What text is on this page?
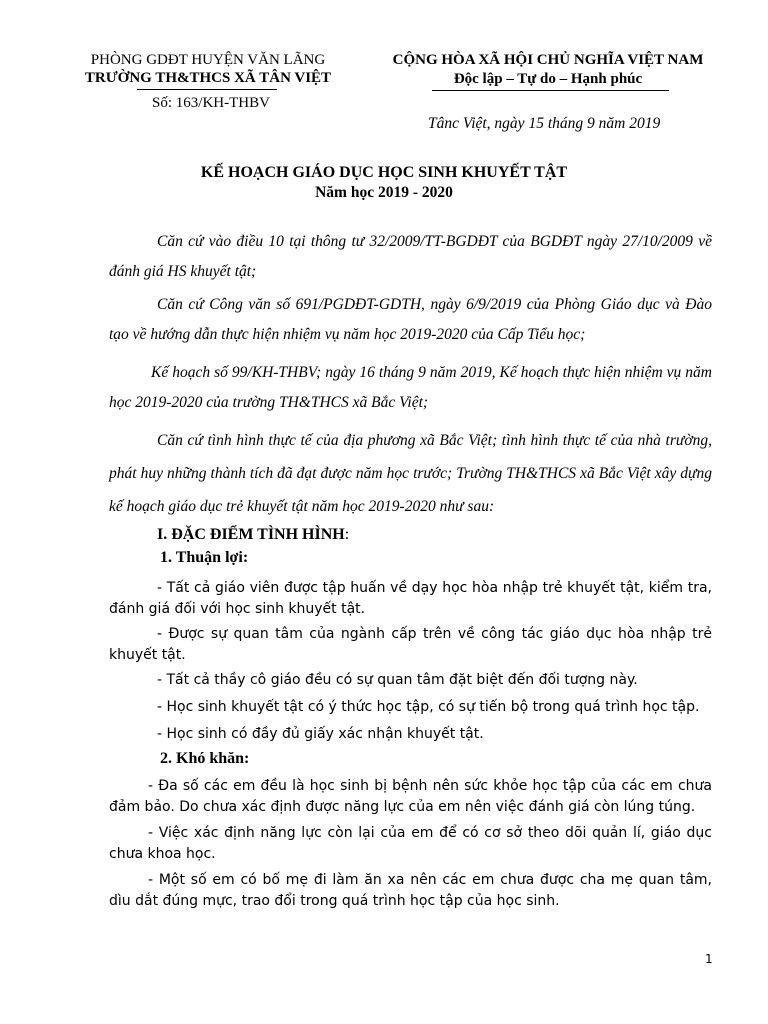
PHÒNG GDĐT HUYỆN VĂN LÃNG
TRƯỜNG TH&THCS XÃ TÂN VIỆT
Số: 163/KH-THBV
CỘNG HÒA XÃ HỘI CHỦ NGHĨA VIỆT NAM
Độc lập – Tự do – Hạnh phúc
Tânc Việt, ngày 15 tháng 9 năm 2019
KẾ HOẠCH GIÁO DỤC HỌC SINH KHUYẾT TẬT
Năm học 2019 - 2020
Căn cứ vào điều 10 tại thông tư 32/2009/TT-BGDĐT của BGDĐT ngày 27/10/2009 về đánh giá HS khuyết tật;
Căn cứ Công văn số 691/PGDĐT-GDTH, ngày 6/9/2019 của Phòng Giáo dục và Đào tạo về hướng dẫn thực hiện nhiệm vụ năm học 2019-2020 của Cấp Tiểu học;
Kế hoạch số 99/KH-THBV; ngày 16 tháng 9 năm 2019, Kế hoạch thực hiện nhiệm vụ năm học 2019-2020 của trường TH&THCS xã Bắc Việt;
Căn cứ tình hình thực tế của địa phương xã Bắc Việt; tình hình thực tế của nhà trường, phát huy những thành tích đã đạt được năm học trước; Trường TH&THCS xã Bắc Việt xây dựng kế hoạch giáo dục trẻ khuyết tật năm học 2019-2020 như sau:
I. ĐẶC ĐIỂM TÌNH HÌNH:
1. Thuận lợi:
- Tất cả giáo viên được tập huấn về dạy học hòa nhập trẻ khuyết tật, kiểm tra, đánh giá đối với học sinh khuyết tật.
- Được sự quan tâm của ngành cấp trên về công tác giáo dục hòa nhập trẻ khuyết tật.
- Tất cả thầy cô giáo đều có sự quan tâm đặt biệt đến đối tượng này.
- Học sinh khuyết tật có ý thức học tập, có sự tiến bộ trong quá trình học tập.
- Học sinh có đầy đủ giấy xác nhận khuyết tật.
2. Khó khăn:
- Đa số các em đều là học sinh bị bệnh nên sức khỏe học tập của các em chưa đảm bảo. Do chưa xác định được năng lực của em nên việc đánh giá còn lúng túng.
- Việc xác định năng lực còn lại của em để có cơ sở theo dõi quản lí, giáo dục chưa khoa học.
- Một số em có bố mẹ đi làm ăn xa nên các em chưa được cha mẹ quan tâm, dìu dắt đúng mực, trao đổi trong quá trình học tập của học sinh.
1
